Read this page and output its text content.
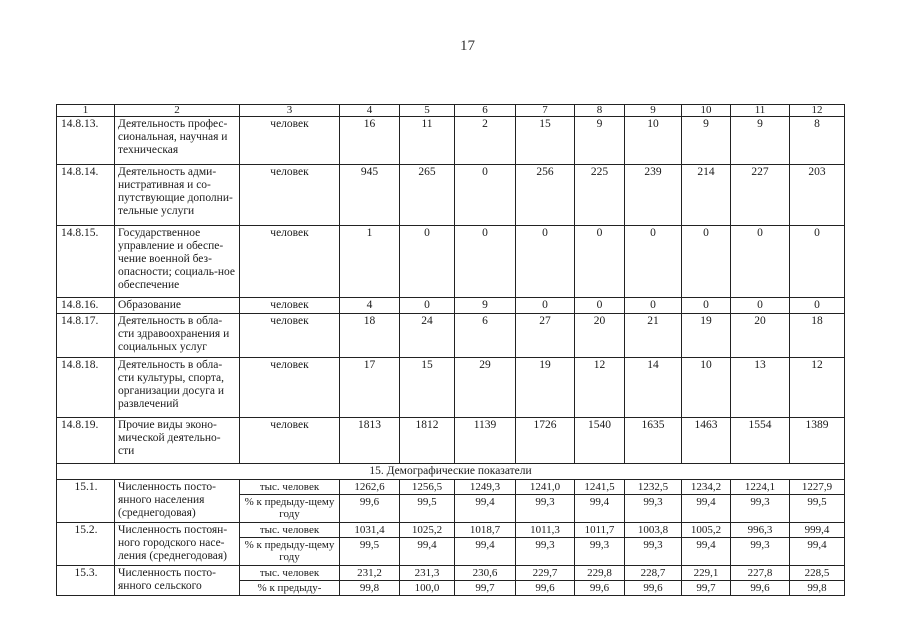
17
1	2	3	4	5	6	7	8	9	10	11	12
14.8.13.	Деятельность профес-сиональная, научная и техническая	человек	16	11	2	15	9	10	9	9	8
14.8.14.	Деятельность адми-нистративная и со-путствующие дополни-тельные услуги	человек	945	265	0	256	225	239	214	227	203
14.8.15.	Государственное управление и обеспе-чение военной без-опасности; социаль-ное обеспечение	человек	1	0	0	0	0	0	0	0	0
14.8.16.	Образование	человек	4	0	9	0	0	0	0	0	0
14.8.17.	Деятельность в обла-сти здравоохранения и социальных услуг	человек	18	24	6	27	20	21	19	20	18
14.8.18.	Деятельность в обла-сти культуры, спорта, организации досуга и развлечений	человек	17	15	29	19	12	14	10	13	12
14.8.19.	Прочие виды эконо-мической деятельно-сти	человек	1813	1812	1139	1726	1540	1635	1463	1554	1389
15. Демографические показатели											
15.1.	Численность посто-янного населения (среднегодовая)	тыс. человек	1262,6	1256,5	1249,3	1241,0	1241,5	1232,5	1234,2	1224,1	1227,9
		% к предыду-щему году	99,6	99,5	99,4	99,3	99,4	99,3	99,4	99,3	99,5
15.2.	Численность постоян-ного городского насе-ления (среднегодовая)	тыс. человек	1031,4	1025,2	1018,7	1011,3	1011,7	1003,8	1005,2	996,3	999,4
		% к предыду-щему году	99,5	99,4	99,4	99,3	99,3	99,3	99,4	99,3	99,4
15.3.	Численность посто-янного сельского	тыс. человек	231,2	231,3	230,6	229,7	229,8	228,7	229,1	227,8	228,5
		% к предыду-	99,8	100,0	99,7	99,6	99,6	99,6	99,7	99,6	99,8
